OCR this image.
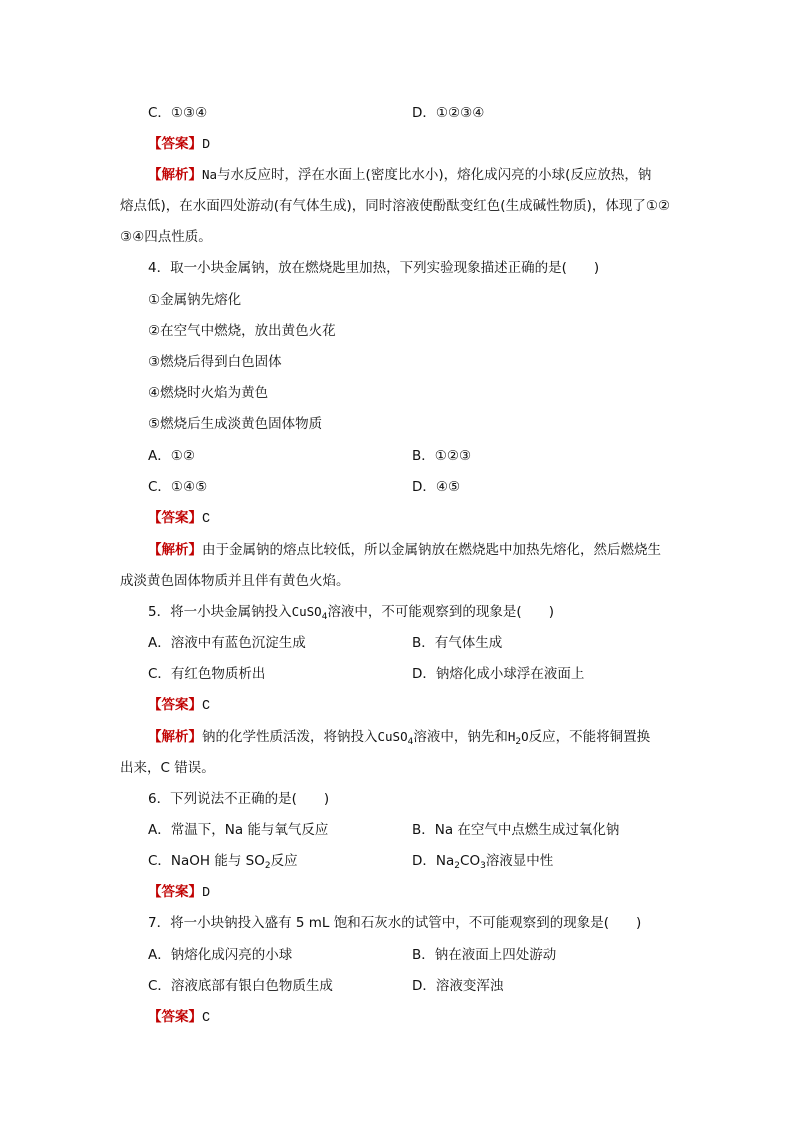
C．①③④	D．①②③④
【答案】D
【解析】Na与水反应时，浮在水面上(密度比水小)，熔化成闪亮的小球(反应放热，钠
熔点低)，在水面四处游动(有气体生成)，同时溶液使酚酞变红色(生成碱性物质)，体现了①②
③④四点性质。
4．取一小块金属钠，放在燃烧匙里加热，下列实验现象描述正确的是(　　)
①金属钠先熔化
②在空气中燃烧，放出黄色火花
③燃烧后得到白色固体
④燃烧时火焰为黄色
⑤燃烧后生成淡黄色固体物质
A．①②	B．①②③
C．①④⑤	D．④⑤
【答案】C
【解析】由于金属钠的熔点比较低，所以金属钠放在燃烧匙中加热先熔化，然后燃烧生
成淡黄色固体物质并且伴有黄色火焰。
5．将一小块金属钠投入CuSO$_4$溶液中，不可能观察到的现象是(　　)
A．溶液中有蓝色沉淀生成	B．有气体生成
C．有红色物质析出	D．钠熔化成小球浮在液面上
【答案】C
【解析】钠的化学性质活泼，将钠投入CuSO$_4$溶液中，钠先和$H_2O$反应，不能将铜置换
出来，C 错误。
6．下列说法不正确的是(　　)
A．常温下，Na 能与氧气反应	B．Na 在空气中点燃生成过氧化钠
C．NaOH 能与 $SO_2$反应	D．$Na_2CO_3$溶液显中性
【答案】D
7．将一小块钠投入盛有 5 mL 饱和石灰水的试管中，不可能观察到的现象是(　　)
A．钠熔化成闪亮的小球	B．钠在液面上四处游动
C．溶液底部有银白色物质生成	D．溶液变浑浊
【答案】C
